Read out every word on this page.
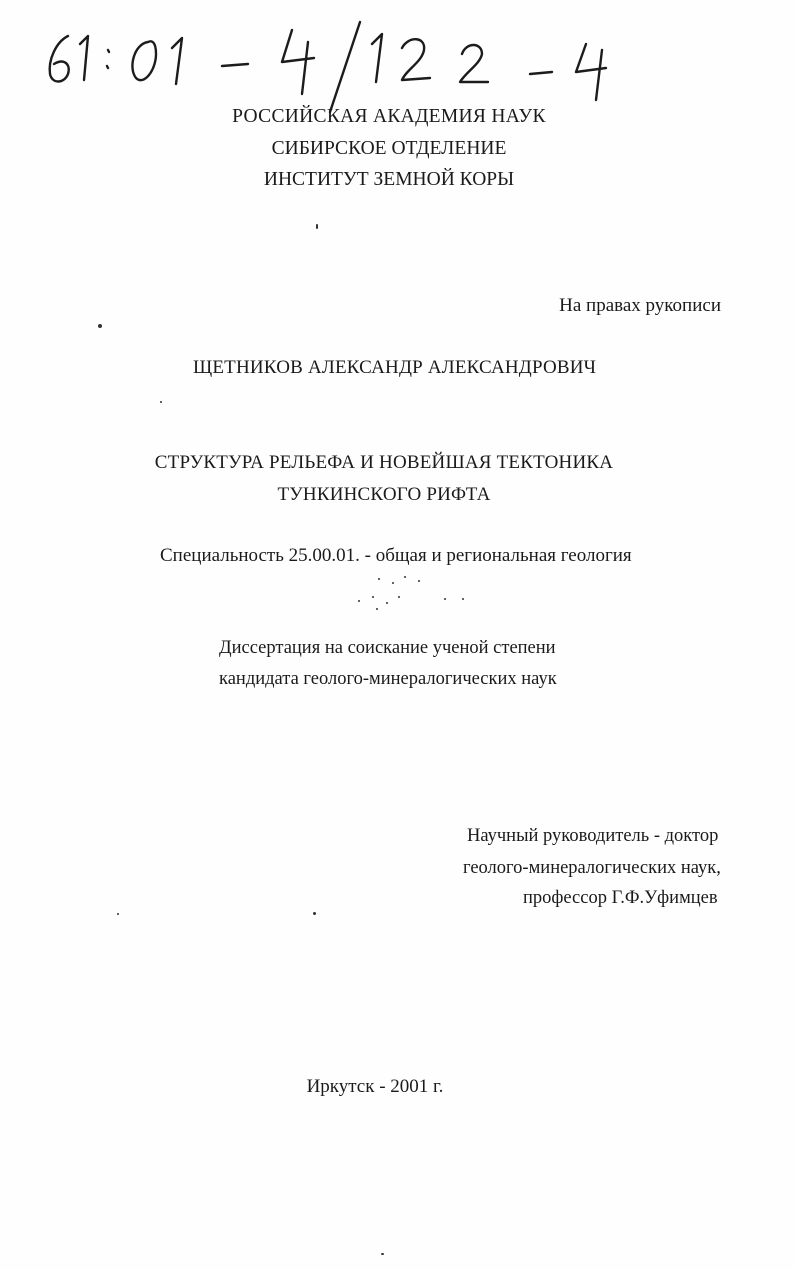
РОССИЙСКАЯ АКАДЕМИЯ НАУК
СИБИРСКОЕ ОТДЕЛЕНИЕ
ИНСТИТУТ ЗЕМНОЙ КОРЫ
На правах рукописи
ЩЕТНИКОВ АЛЕКСАНДР АЛЕКСАНДРОВИЧ
СТРУКТУРА РЕЛЬЕФА И НОВЕЙШАЯ ТЕКТОНИКА
ТУНКИНСКОГО РИФТА
Специальность 25.00.01. - общая и региональная геология
Диссертация на соискание ученой степени
кандидата геолого-минералогических наук
Научный руководитель - доктор
геолого-минералогических наук,
профессор Г.Ф.Уфимцев
Иркутск - 2001 г.
